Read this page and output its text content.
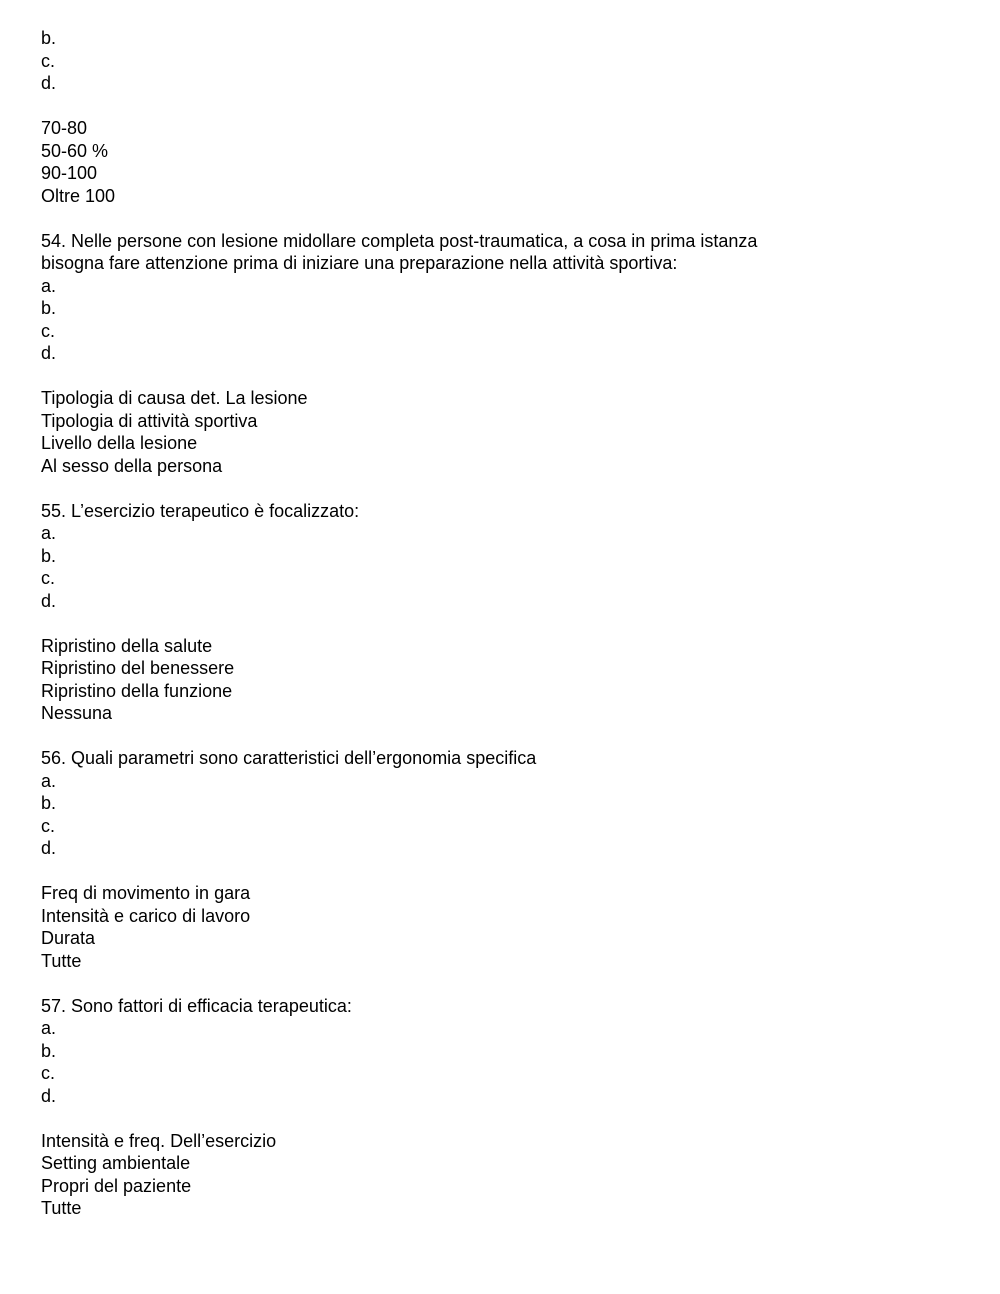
b.
c.
d.
70-80
50-60 %
90-100
Oltre 100
54. Nelle persone con lesione midollare completa post-traumatica, a cosa in prima istanza
bisogna fare attenzione prima di iniziare una preparazione nella attività sportiva:
a.
b.
c.
d.
Tipologia di causa det. La lesione
Tipologia di attività sportiva
Livello della lesione
Al sesso della persona
55. L’esercizio terapeutico è focalizzato:
a.
b.
c.
d.
Ripristino della salute
Ripristino del benessere
Ripristino della funzione
Nessuna
56. Quali parametri sono caratteristici dell’ergonomia specifica
a.
b.
c.
d.
Freq di movimento in gara
Intensità e carico di lavoro
Durata
Tutte
57. Sono fattori di efficacia terapeutica:
a.
b.
c.
d.
Intensità e freq. Dell’esercizio
Setting ambientale
Propri del paziente
Tutte
